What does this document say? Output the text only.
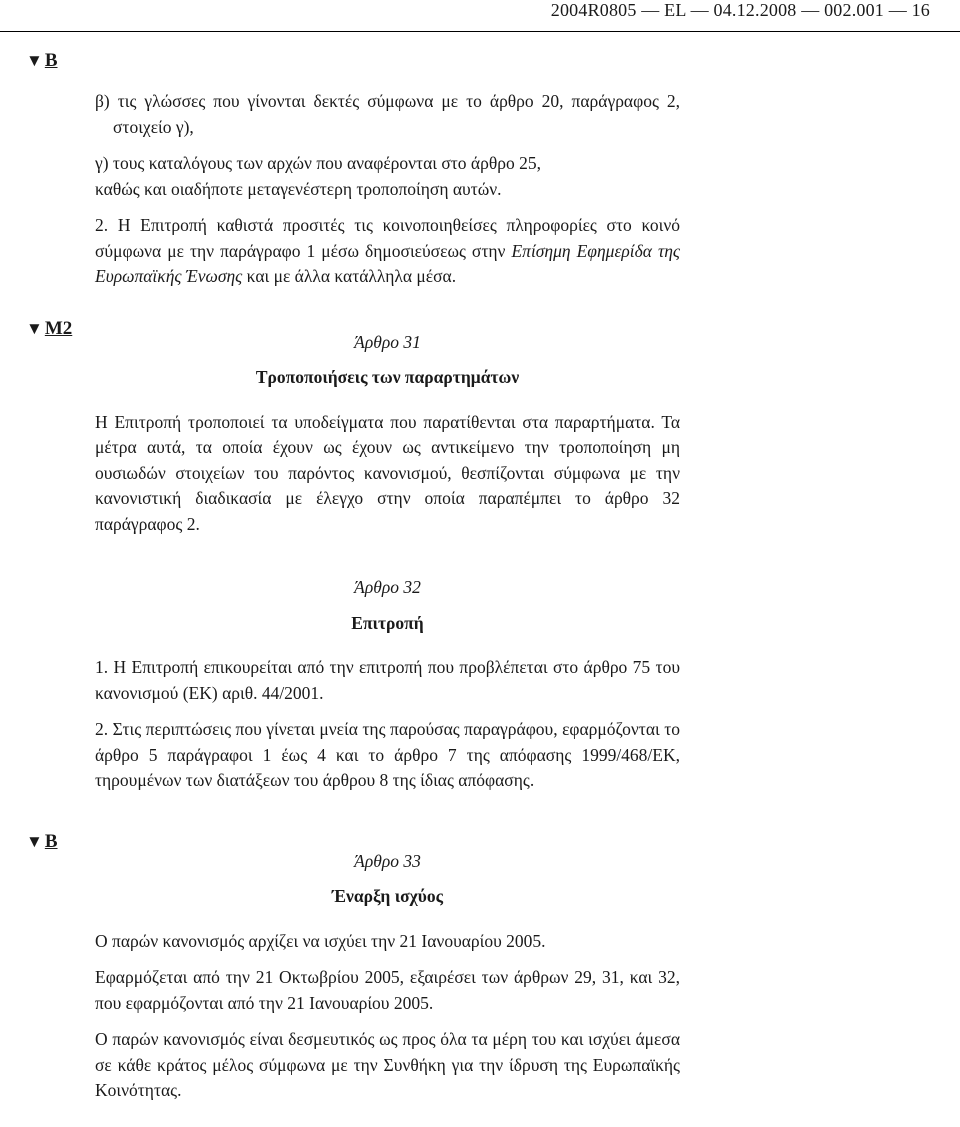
2004R0805 — EL — 04.12.2008 — 002.001 — 16
▼ B
▼ M2
▼ B

β) τις γλώσσες που γίνονται δεκτές σύμφωνα με το άρθρο 20, παράγραφος 2, στοιχείο γ),

γ) τους καταλόγους των αρχών που αναφέρονται στο άρθρο 25,

καθώς και οιαδήποτε μεταγενέστερη τροποποίηση αυτών.

2. Η Επιτροπή καθιστά προσιτές τις κοινοποιηθείσες πληροφορίες στο κοινό σύμφωνα με την παράγραφο 1 μέσω δημοσιεύσεως στην Επίσημη Εφημερίδα της Ευρωπαϊκής Ένωσης και με άλλα κατάλληλα μέσα.

Άρθρο 31

Τροποποιήσεις των παραρτημάτων

Η Επιτροπή τροποποιεί τα υποδείγματα που παρατίθενται στα παραρτήματα. Τα μέτρα αυτά, τα οποία έχουν ως έχουν ως αντικείμενο την τροποποίηση μη ουσιωδών στοιχείων του παρόντος κανονισμού, θεσπίζονται σύμφωνα με την κανονιστική διαδικασία με έλεγχο στην οποία παραπέμπει το άρθρο 32 παράγραφος 2.

Άρθρο 32

Επιτροπή

1. Η Επιτροπή επικουρείται από την επιτροπή που προβλέπεται στο άρθρο 75 του κανονισμού (ΕΚ) αριθ. 44/2001.

2. Στις περιπτώσεις που γίνεται μνεία της παρούσας παραγράφου, εφαρμόζονται το άρθρο 5 παράγραφοι 1 έως 4 και το άρθρο 7 της απόφασης 1999/468/ΕΚ, τηρουμένων των διατάξεων του άρθρου 8 της ίδιας απόφασης.

Άρθρο 33

Έναρξη ισχύος

Ο παρών κανονισμός αρχίζει να ισχύει την 21 Ιανουαρίου 2005.

Εφαρμόζεται από την 21 Οκτωβρίου 2005, εξαιρέσει των άρθρων 29, 31, και 32, που εφαρμόζονται από την 21 Ιανουαρίου 2005.

Ο παρών κανονισμός είναι δεσμευτικός ως προς όλα τα μέρη του και ισχύει άμεσα σε κάθε κράτος μέλος σύμφωνα με την Συνθήκη για την ίδρυση της Ευρωπαϊκής Κοινότητας.
